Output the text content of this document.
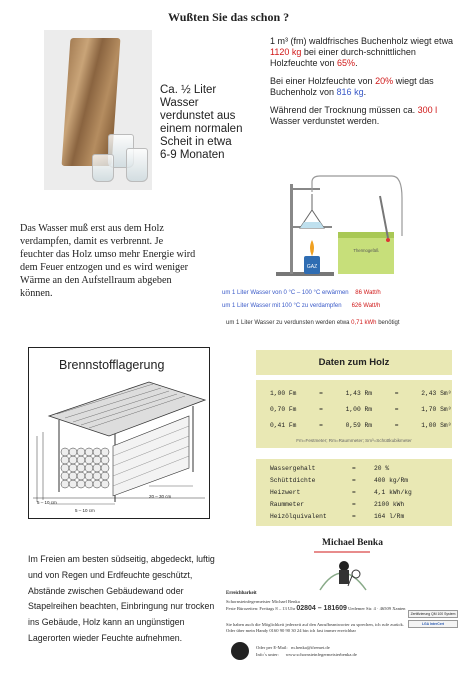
Wußten Sie das schon ?
Ca. ½ Liter
Wasser
verdunstet aus
einem normalen
Scheit in etwa
6-9 Monaten

1 m³ (fm) waldfrisches Buchenholz wiegt etwa 1120 kg bei einer durch-schnittlichen Holzfeuchte von 65%.

Bei einer Holzfeuchte von 20% wiegt das Buchenholz von 816 kg.

Während der Trocknung müssen ca. 300 l Wasser verdunstet werden.

GAZ
Thermogefäß
um 1 Liter Wasser von 0 °C – 100 °C erwärmen 86 Watt/h
um 1 Liter Wasser mit 100 °C zu verdampfen 626 Watt/h
um 1 Liter Wasser zu verdunsten werden etwa 0,71 kWh benötigt
Das Wasser muß erst aus dem Holz verdampfen, damit es verbrennt. Je feuchter das Holz umso mehr Energie wird dem Feuer entzogen und es wird weniger Wärme an den Aufstellraum abgeben können.
Brennstofflagerung
5 – 10 cm
5 – 10 cm
20 – 30 cm
Daten zum Holz
1,00 Fm	=	1,43 Rm	=	2,43 Sm³
0,70 Fm	=	1,00 Rm	=	1,70 Sm³
0,41 Fm	=	0,59 Rm	=	1,00 Sm³
Fm=Festmeter; Rm=Raummeter; Sm³=Schüttkubikmeter
Wassergehalt	=	20 %
Schüttdichte	=	400 kg/Rm
Heizwert	=	4,1 kWh/kg
Raummeter	=	2100 kWh
Heizölquivalent	=	164 l/Rm
Im Freien am besten südseitig, abgedeckt, luftig und von Regen und Erdfeuchte geschützt, Abstände zwischen Gebäudewand oder Stapelreihen beachten, Einbringung nur trocken ins Gebäude, Holz kann an ungünstigen Lagerorten wieder Feuchte aufnehmen.
Michael Benka
Erreichbarkeit
Schornsteinfegermeister Michael Benka
Feste Bürozeiten: Freitags 8 – 13 Uhr 02804 – 181609 Uedemer Str. 4 · 46509 Xanten
Sie haben auch die Möglichkeit jederzeit auf den Anrufbeantworter zu sprechen, ich rufe zurück.
Oder über mein Handy 0160 90 90 30 24 bin ich fast immer erreichbar
Zertifizierung QM 100 System
LGA InterCert
Oder per E-Mail: m.benka@tfremet.de
Info´s unter: www.schornsteinfegermeisterbenka.de
